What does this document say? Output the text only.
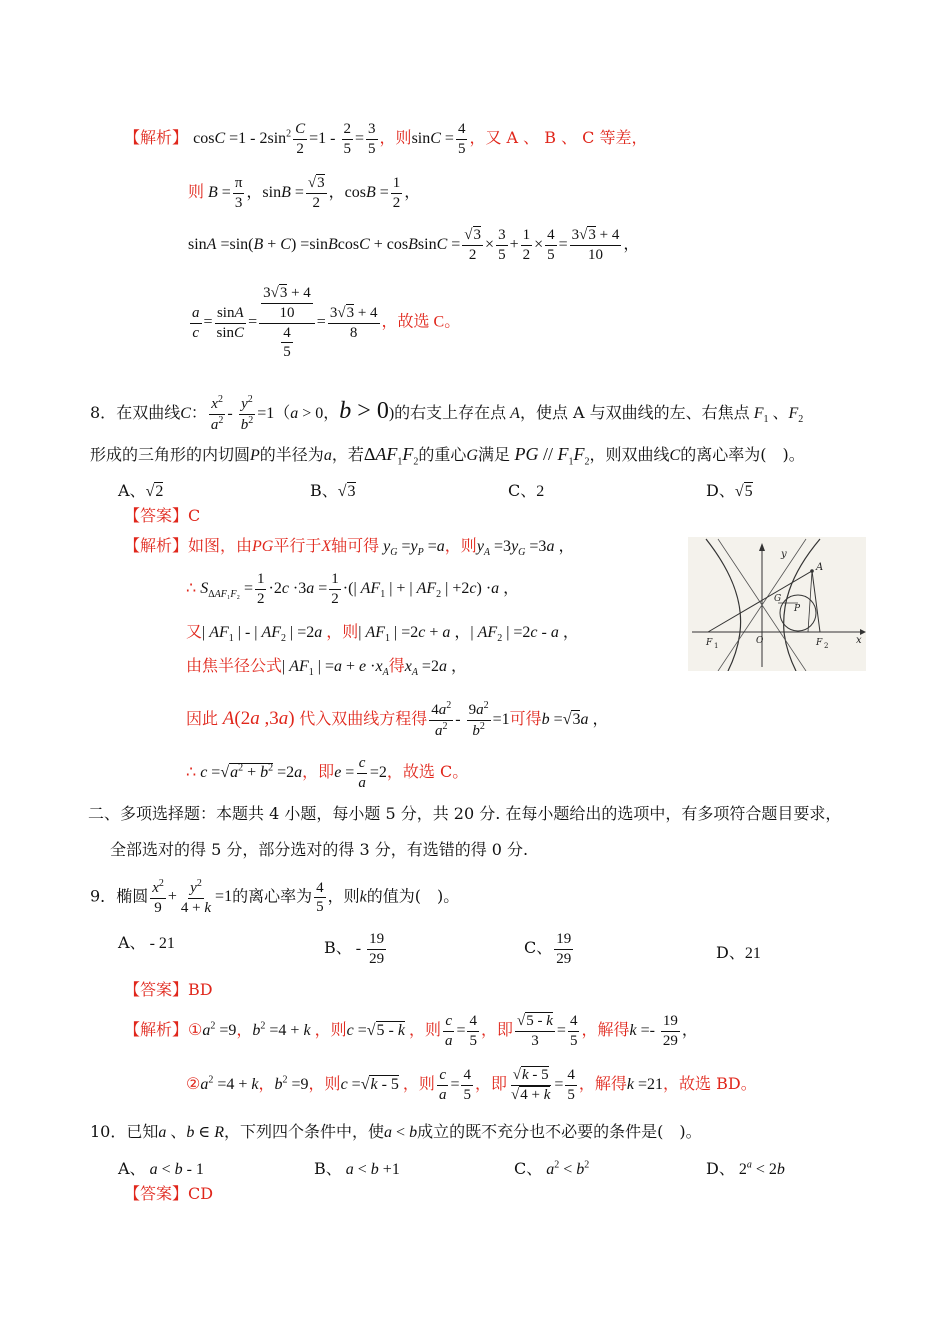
【解析】 $\cos C =1 - 2\sin^2 \frac{C}{2} =1 - \frac{2}{5} = \frac{3}{5}$ ，则$\sin C = \frac{4}{5}$ ，又 A 、 B 、 C 等差，
则 $B = \frac{\pi}{3}$ ，$\sin B = \frac{√3}{2}$ ，$\cos B = \frac{1}{2}$ ，
sinA =sin(B + C) =sinBcosC + cosBsinC = $\frac{√3}{2} \times \frac{3}{5} + \frac{1}{2} \times \frac{4}{5} = \frac{3√3 + 4}{10}$ ，
$\frac{a}{c} = \frac{\sin A}{\sin C} = \frac{\frac{3√3 + 4}{10}}{\frac{4}{5}} = \frac{3√3 + 4}{8}$ ，故选 C。
8．在双曲线C： $\frac{x^2}{a^2} - \frac{y^2}{b^2} =1(a > 0$，b > 0)的右支上存在点 A，使点 A 与双曲线的左、右焦点 $F_1$ 、$F_2$
形成的三角形的内切圆P的半径为a，若$\Delta AF_1F_2$的重心G满足 PG // $F_1F_2$，则双曲线C的离心率为(　)。
A、√2	B、√3	C、2	D、√5
【答案】C
【解析】如图，由PG平行于X轴可得 $y_G =y_P =a$，则$y_A =3y_G =3a$ ，
∴ $S_{\Delta AF_1F_2} = \frac{1}{2} \cdot 2c \cdot 3a = \frac{1}{2}$ ·(| $AF_1$ | + | $AF_2$ | +2c) ·a ，
又| $AF_1$ | - | $AF_2$ | =2a ，则| $AF_1$ | =2c + a ，| $AF_2$ | =2c - a ，
由焦半径公式| $AF_1$ | $=a + e \cdot x_A$得$x_A =2a$ ，
因此 A(2a ,3a) 代入双曲线方程得 $\frac{4a^2}{a^2} - \frac{9a^2}{b^2} =1$可得b =√3a ，
∴ $c =√a^2 + b^2 =2a$，即$e = \frac{c}{a} =2$，故选 C。
y
A
G
P
F 1	O	F 2	x
二、多项选择题：本题共 4 小题，每小题 5 分，共 20 分. 在每小题给出的选项中，有多项符合题目要求，
全部选对的得 5 分，部分选对的得 3 分，有选错的得 0 分.
9．椭圆 $\frac{x^2}{9} + \frac{y^2}{4 + k} =1$的离心率为 $\frac{4}{5}$ ，则k的值为(　)。
A、 - 21	B、 - $\frac{19}{29}$	C、 $\frac{19}{29}$	D、21
【答案】BD
【解析】$①a^2 =9$，$b^2 =4 + k$ ，则c =√5 - k ，则 $\frac{c}{a} = \frac{4}{5}$ ，即 $\frac{√5 - k}{3} = \frac{4}{5}$ ，解得$k =- \frac{19}{29}$ ，
$②a^2 =4 + k$，$b^2 =9$，则c =√k - 5 ，则 $\frac{c}{a} = \frac{4}{5}$ ，即 $\frac{√k - 5}{√4 + k} = \frac{4}{5}$ ，解得k =21，故选 BD。
10．已知a 、b ∈ R，下列四个条件中，使a < b成立的既不充分也不必要的条件是(　)。
A、 a < b - 1	B、 a < b +1	C、 $a^2 < b^2$	D、 $2^a < 2b$
【答案】CD
